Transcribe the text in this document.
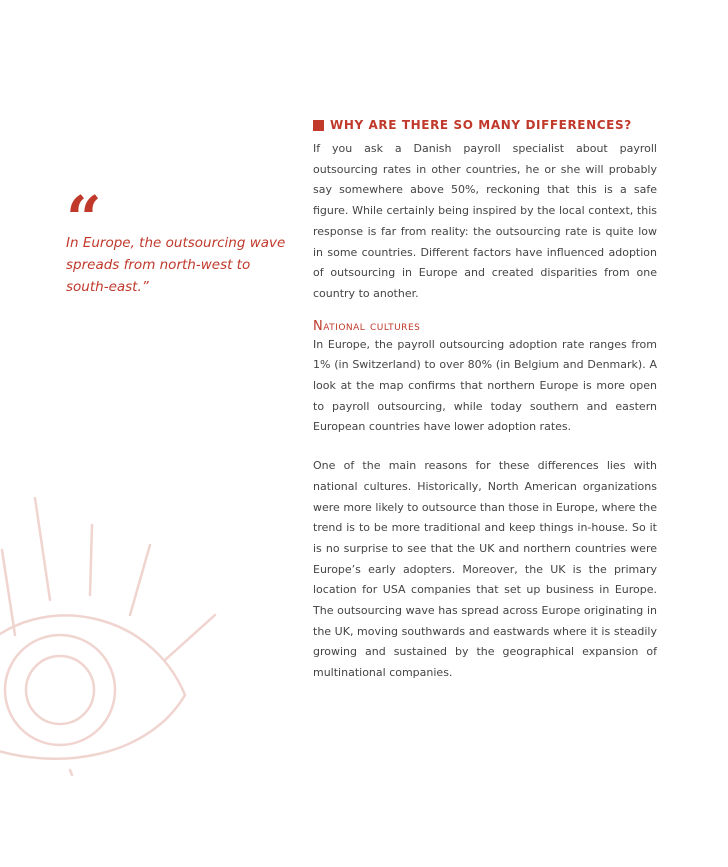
“

In Europe, the outsourcing wave spreads from north-west to south-east.”

WHY ARE THERE SO MANY DIFFERENCES?

If you ask a Danish payroll specialist about payroll outsourcing rates in other countries, he or she will probably say somewhere above 50%, reckoning that this is a safe figure. While certainly being inspired by the local context, this response is far from reality: the outsourcing rate is quite low in some countries. Different factors have influenced adoption of outsourcing in Europe and created disparities from one country to another.

National cultures

In Europe, the payroll outsourcing adoption rate ranges from 1% (in Switzerland) to over 80% (in Belgium and Denmark). A look at the map confirms that northern Europe is more open to payroll outsourcing, while today southern and eastern European countries have lower adoption rates.

One of the main reasons for these differences lies with national cultures. Historically, North American organizations were more likely to outsource than those in Europe, where the trend is to be more traditional and keep things in-house. So it is no surprise to see that the UK and northern countries were Europe’s early adopters. Moreover, the UK is the primary location for USA companies that set up business in Europe. The outsourcing wave has spread across Europe originating in the UK, moving southwards and eastwards where it is steadily growing and sustained by the geographical expansion of multinational companies.
